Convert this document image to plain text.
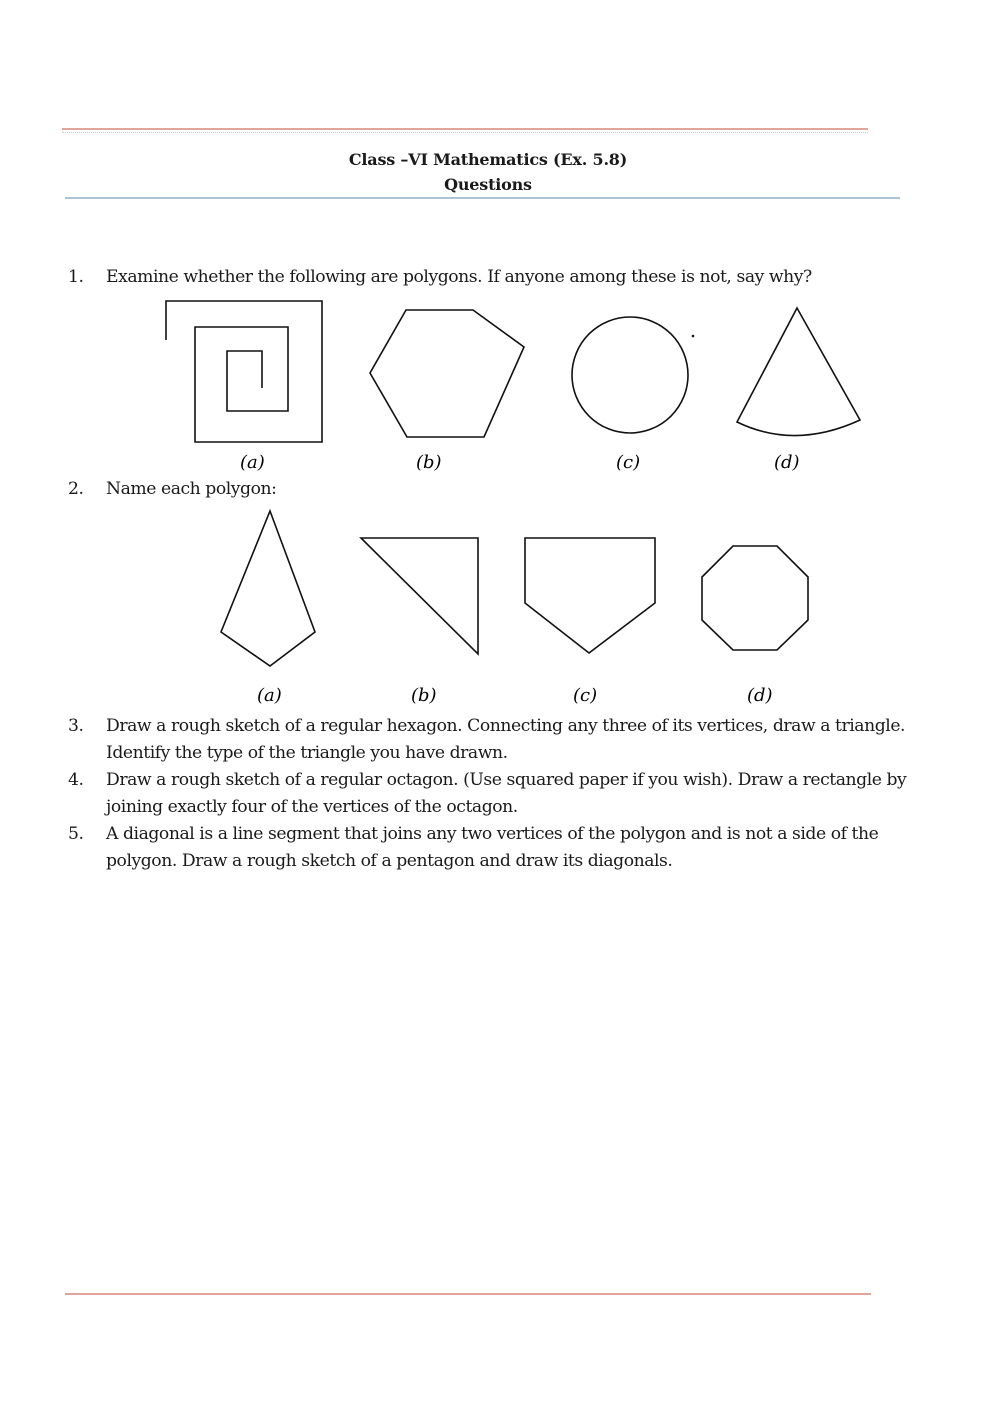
Class –VI Mathematics (Ex. 5.8)
Questions
1. Examine whether the following are polygons. If anyone among these is not, say why?
(a)	(b)	(c)	(d)
(a)	(b)	(c)	(d)
2. Name each polygon:
3. Draw a rough sketch of a regular hexagon. Connecting any three of its vertices, draw a triangle. Identify the type of the triangle you have drawn.
4. Draw a rough sketch of a regular octagon. (Use squared paper if you wish). Draw a rectangle by joining exactly four of the vertices of the octagon.
5. A diagonal is a line segment that joins any two vertices of the polygon and is not a side of the polygon. Draw a rough sketch of a pentagon and draw its diagonals.
